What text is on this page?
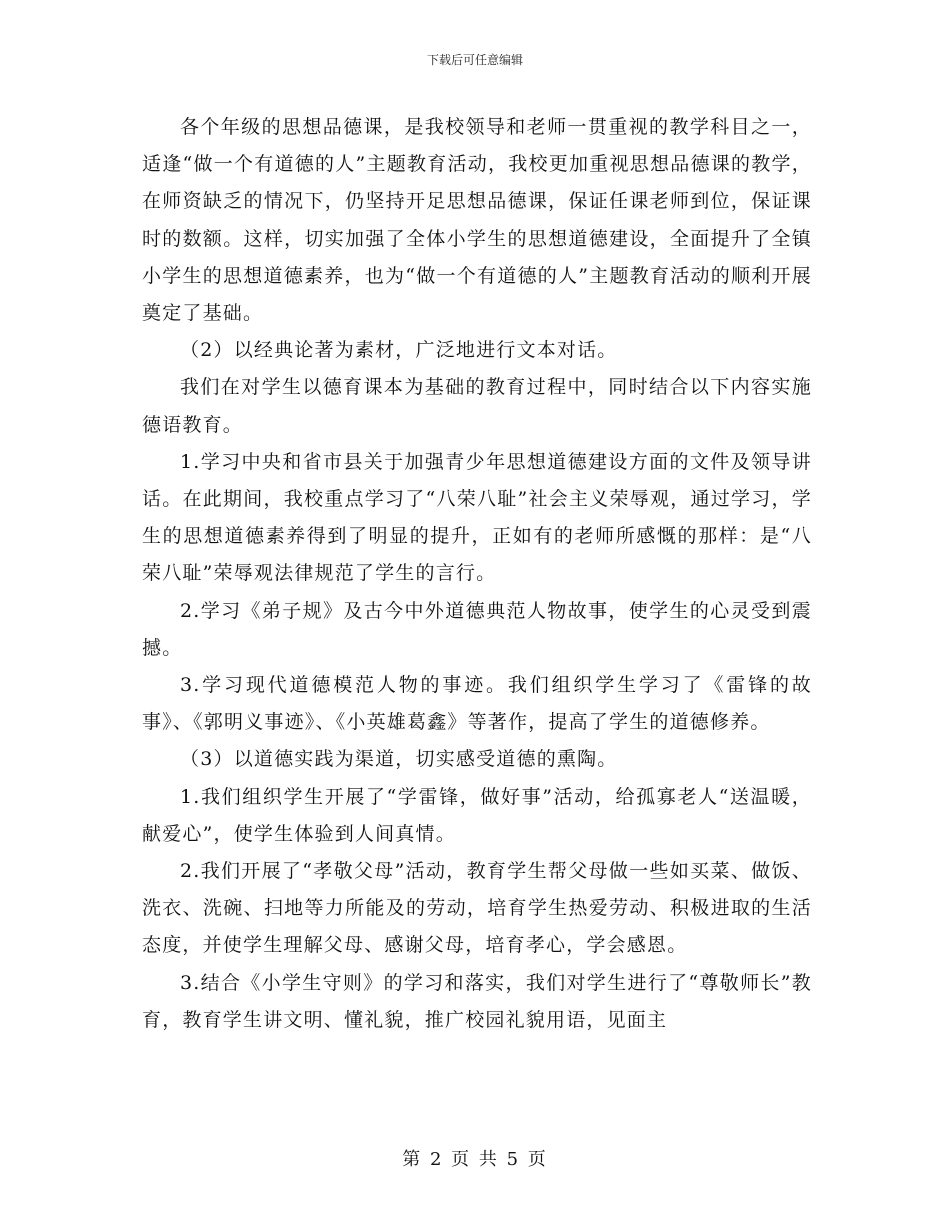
下载后可任意编辑

各个年级的思想品德课，是我校领导和老师一贯重视的教学科目之一，适逢“做一个有道德的人”主题教育活动，我校更加重视思想品德课的教学，在师资缺乏的情况下，仍坚持开足思想品德课，保证任课老师到位，保证课时的数额。这样，切实加强了全体小学生的思想道德建设，全面提升了全镇小学生的思想道德素养，也为“做一个有道德的人”主题教育活动的顺利开展奠定了基础。

（2）以经典论著为素材，广泛地进行文本对话。

我们在对学生以德育课本为基础的教育过程中，同时结合以下内容实施德语教育。

1.学习中央和省市县关于加强青少年思想道德建设方面的文件及领导讲话。在此期间，我校重点学习了“八荣八耻”社会主义荣辱观，通过学习，学生的思想道德素养得到了明显的提升，正如有的老师所感慨的那样：是“八荣八耻”荣辱观法律规范了学生的言行。

2.学习《弟子规》及古今中外道德典范人物故事，使学生的心灵受到震撼。

3.学习现代道德模范人物的事迹。我们组织学生学习了《雷锋的故事》、《郭明义事迹》、《小英雄葛鑫》等著作，提高了学生的道德修养。

（3）以道德实践为渠道，切实感受道德的熏陶。

1.我们组织学生开展了“学雷锋，做好事”活动，给孤寡老人“送温暖，献爱心”，使学生体验到人间真情。

2.我们开展了“孝敬父母”活动，教育学生帮父母做一些如买菜、做饭、洗衣、洗碗、扫地等力所能及的劳动，培育学生热爱劳动、积极进取的生活态度，并使学生理解父母、感谢父母，培育孝心，学会感恩。

3.结合《小学生守则》的学习和落实，我们对学生进行了“尊敬师长”教育，教育学生讲文明、懂礼貌，推广校园礼貌用语，见面主

第 2 页 共 5 页
